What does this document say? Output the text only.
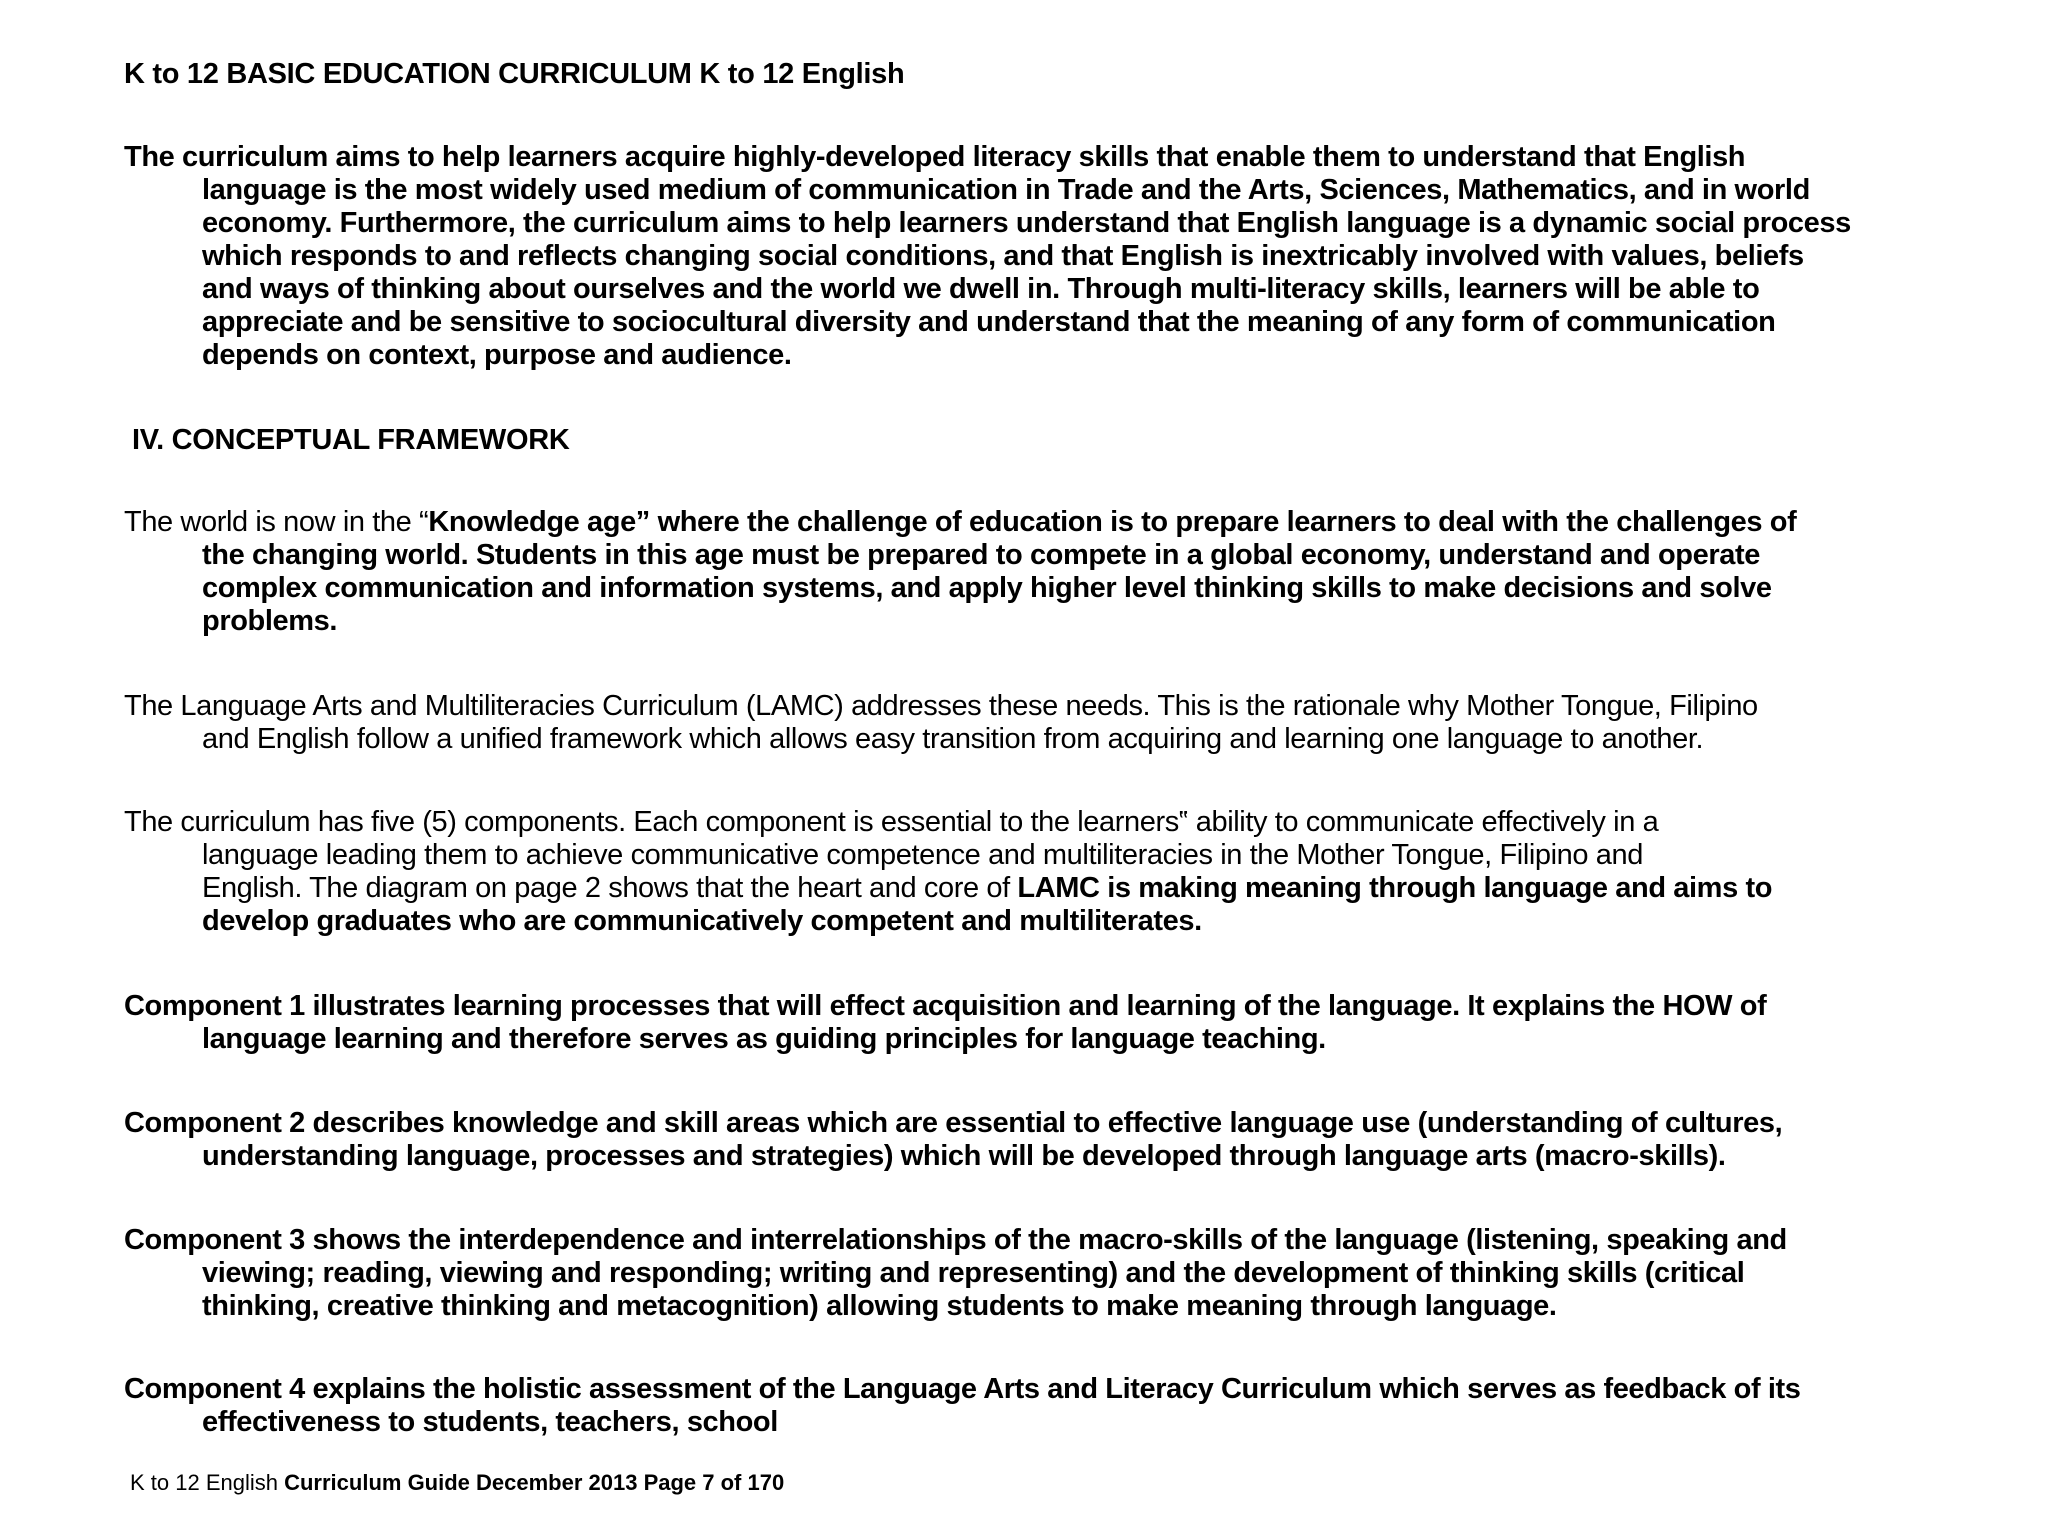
K to 12 BASIC EDUCATION CURRICULUM K to 12 English
The curriculum aims to help learners acquire highly-developed literacy skills that enable them to understand that English
language is the most widely used medium of communication in Trade and the Arts, Sciences, Mathematics, and in world
economy. Furthermore, the curriculum aims to help learners understand that English language is a dynamic social process
which responds to and reflects changing social conditions, and that English is inextricably involved with values, beliefs
and ways of thinking about ourselves and the world we dwell in. Through multi-literacy skills, learners will be able to
appreciate and be sensitive to sociocultural diversity and understand that the meaning of any form of communication
depends on context, purpose and audience.
IV. CONCEPTUAL FRAMEWORK
The world is now in the “Knowledge age” where the challenge of education is to prepare learners to deal with the challenges of
the changing world. Students in this age must be prepared to compete in a global economy, understand and operate
complex communication and information systems, and apply higher level thinking skills to make decisions and solve
problems.
The Language Arts and Multiliteracies Curriculum (LAMC) addresses these needs. This is the rationale why Mother Tongue, Filipino
and English follow a unified framework which allows easy transition from acquiring and learning one language to another.
The curriculum has five (5) components. Each component is essential to the learners‟ ability to communicate effectively in a
language leading them to achieve communicative competence and multiliteracies in the Mother Tongue, Filipino and
English. The diagram on page 2 shows that the heart and core of LAMC is making meaning through language and aims to
develop graduates who are communicatively competent and multiliterates.
Component 1 illustrates learning processes that will effect acquisition and learning of the language. It explains the HOW of
language learning and therefore serves as guiding principles for language teaching.
Component 2 describes knowledge and skill areas which are essential to effective language use (understanding of cultures,
understanding language, processes and strategies) which will be developed through language arts (macro-skills).
Component 3 shows the interdependence and interrelationships of the macro-skills of the language (listening, speaking and
viewing; reading, viewing and responding; writing and representing) and the development of thinking skills (critical
thinking, creative thinking and metacognition) allowing students to make meaning through language.
Component 4 explains the holistic assessment of the Language Arts and Literacy Curriculum which serves as feedback of its
effectiveness to students, teachers, school
K to 12 English Curriculum Guide December 2013 Page 7 of 170
